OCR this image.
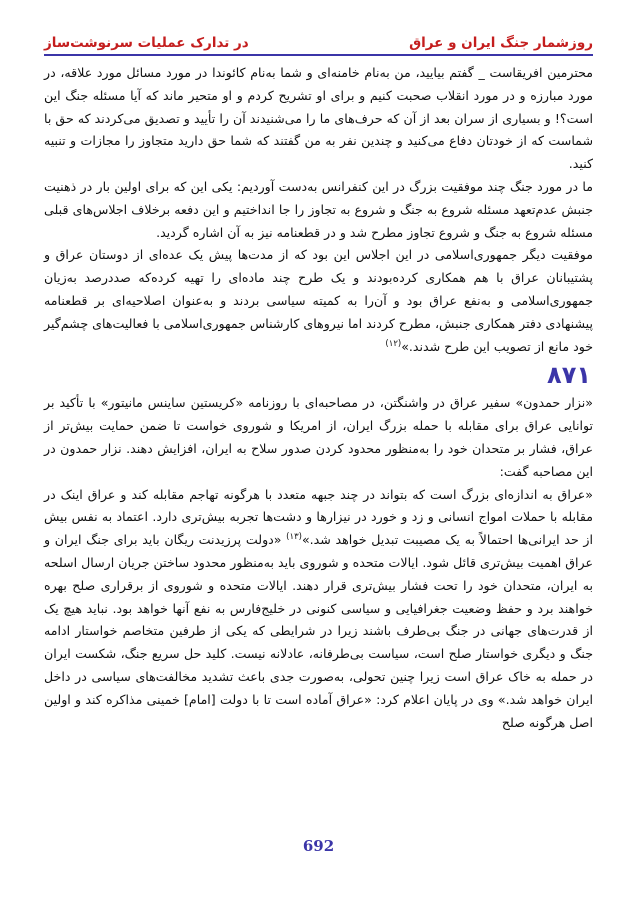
روزشمار جنگ ایران و عراق
در تدارک عملیات سرنوشت‌ساز

محترمین افریقاست _ گفتم بیایید، من به‌نام خامنه‌ای و شما به‌نام کائوندا در مورد مسائل مورد علاقه، در مورد مبارزه و در مورد انقلاب صحبت کنیم و برای او تشریح کردم و او متحیر ماند که آیا مسئله جنگ این است؟! و بسیاری از سران بعد از آن که حرف‌های ما را می‌شنیدند آن را تأیید و تصدیق می‌کردند که حق با شماست که از خودتان دفاع می‌کنید و چندین نفر به من گفتند که شما حق دارید متجاوز را مجازات و تنبیه کنید.

ما در مورد جنگ چند موفقیت بزرگ در این کنفرانس به‌دست آوردیم: یکی این که برای اولین بار در ذهنیت جنبش عدم‌تعهد مسئله شروع به جنگ و شروع به تجاوز را جا انداختیم و این دفعه برخلاف اجلاس‌های قبلی مسئله شروع به جنگ و شروع تجاوز مطرح شد و در قطعنامه نیز به آن اشاره گردید.

موفقیت دیگر جمهوری‌اسلامی در این اجلاس این بود که از مدت‌ها پیش یک عده‌ای از دوستان عراق و پشتیبانان عراق با هم همکاری کرده‌بودند و یک طرح چند ماده‌ای را تهیه کرده‌که صددرصد به‌زیان جمهوری‌اسلامی و به‌نفع عراق بود و آن‌را به کمیته سیاسی بردند و به‌عنوان اصلاحیه‌ای بر قطعنامه پیشنهادی دفتر همکاری جنبش، مطرح کردند اما نیروهای کارشناس جمهوری‌اسلامی با فعالیت‌های چشم‌گیر خود مانع از تصویب این طرح شدند.»$^{(۱۲)}$

۸۷۱

«نزار حمدون» سفیر عراق در واشنگتن، در مصاحبه‌ای با روزنامه «کریستین ساینس مانیتور» با تأکید بر توانایی عراق برای مقابله با حمله بزرگ ایران، از امریکا و شوروی خواست تا ضمن حمایت بیش‌تر از عراق، فشار بر متحدان خود را به‌منظور محدود کردن صدور سلاح به ایران، افزایش دهند. نزار حمدون در این مصاحبه گفت:

«عراق به اندازه‌ای بزرگ است که بتواند در چند جبهه متعدد با هرگونه تهاجم مقابله کند و عراق اینک در مقابله با حملات امواج انسانی و زد و خورد در نیزارها و دشت‌ها تجربه بیش‌تری دارد. اعتماد به نفس بیش از حد ایرانی‌ها احتمالاً به یک مصیبت تبدیل خواهد شد.»$^{(۱۳)}$ «دولت پرزیدنت ریگان باید برای جنگ ایران و عراق اهمیت بیش‌تری قائل شود. ایالات متحده و شوروی باید به‌منظور محدود ساختن جریان ارسال اسلحه به ایران، متحدان خود را تحت فشار بیش‌تری قرار دهند. ایالات متحده و شوروی از برقراری صلح بهره خواهند برد و حفظ وضعیت جغرافیایی و سیاسی کنونی در خلیج‌فارس به نفع آنها خواهد بود. نباید هیچ یک از قدرت‌های جهانی در جنگ بی‌طرف باشند زیرا در شرایطی که یکی از طرفین متخاصم خواستار ادامه جنگ و دیگری خواستار صلح است، سیاست بی‌طرفانه، عادلانه نیست. کلید حل سریع جنگ، شکست ایران در حمله به خاک عراق است زیرا چنین تحولی، به‌صورت جدی باعث تشدید مخالفت‌های سیاسی در داخل ایران خواهد شد.» وی در پایان اعلام کرد: «عراق آماده است تا با دولت [امام] خمینی مذاکره کند و اولین اصل هرگونه صلح

692
